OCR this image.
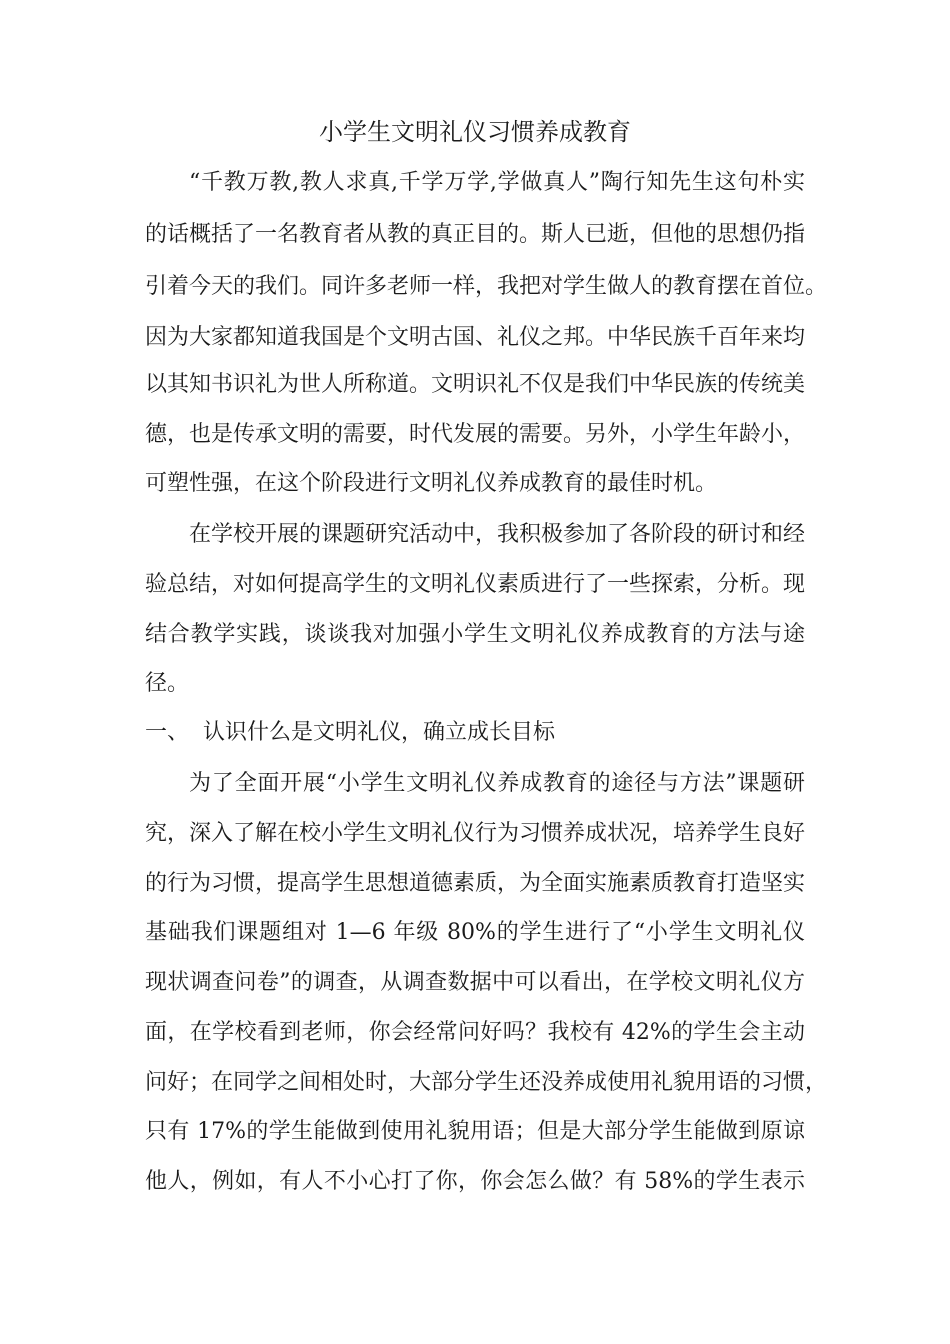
小学生文明礼仪习惯养成教育
“千教万教,教人求真,千学万学,学做真人”陶行知先生这句朴实
的话概括了一名教育者从教的真正目的。斯人已逝，但他的思想仍指
引着今天的我们。同许多老师一样，我把对学生做人的教育摆在首位。
因为大家都知道我国是个文明古国、礼仪之邦。中华民族千百年来均
以其知书识礼为世人所称道。文明识礼不仅是我们中华民族的传统美
德，也是传承文明的需要，时代发展的需要。另外，小学生年龄小，
可塑性强，在这个阶段进行文明礼仪养成教育的最佳时机。
在学校开展的课题研究活动中，我积极参加了各阶段的研讨和经
验总结，对如何提高学生的文明礼仪素质进行了一些探索，分析。现
结合教学实践，谈谈我对加强小学生文明礼仪养成教育的方法与途
径。
一、 认识什么是文明礼仪，确立成长目标
为了全面开展“小学生文明礼仪养成教育的途径与方法”课题研
究，深入了解在校小学生文明礼仪行为习惯养成状况，培养学生良好
的行为习惯，提高学生思想道德素质，为全面实施素质教育打造坚实
基础我们课题组对 1—6 年级 80%的学生进行了“小学生文明礼仪
现状调查问卷”的调查，从调查数据中可以看出，在学校文明礼仪方
面，在学校看到老师，你会经常问好吗？我校有 42%的学生会主动
问好；在同学之间相处时，大部分学生还没养成使用礼貌用语的习惯，
只有 17%的学生能做到使用礼貌用语；但是大部分学生能做到原谅
他人，例如，有人不小心打了你，你会怎么做？有 58%的学生表示
